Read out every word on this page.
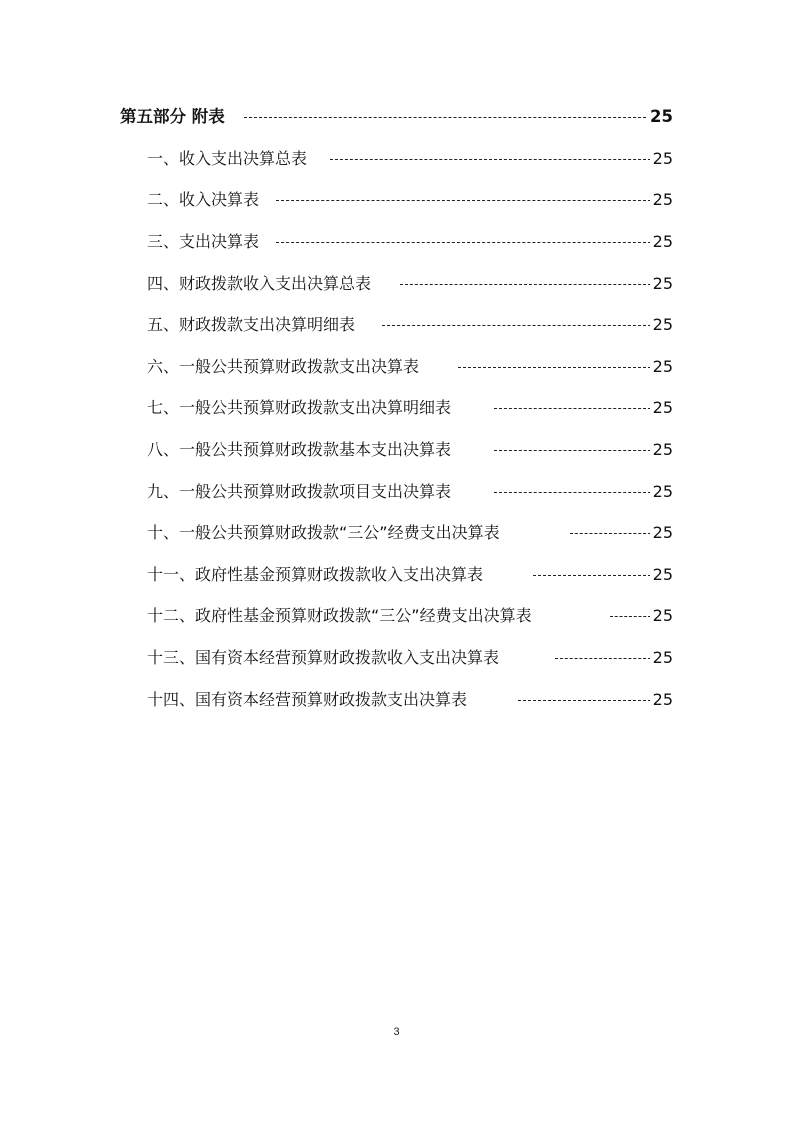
第五部分 附表	25
一、收入支出决算总表	25
二、收入决算表	25
三、支出决算表	25
四、财政拨款收入支出决算总表	25
五、财政拨款支出决算明细表	25
六、一般公共预算财政拨款支出决算表	25
七、一般公共预算财政拨款支出决算明细表	25
八、一般公共预算财政拨款基本支出决算表	25
九、一般公共预算财政拨款项目支出决算表	25
十、一般公共预算财政拨款“三公”经费支出决算表	25
十一、政府性基金预算财政拨款收入支出决算表	25
十二、政府性基金预算财政拨款“三公”经费支出决算表	25
十三、国有资本经营预算财政拨款收入支出决算表	25
十四、国有资本经营预算财政拨款支出决算表	25
3
